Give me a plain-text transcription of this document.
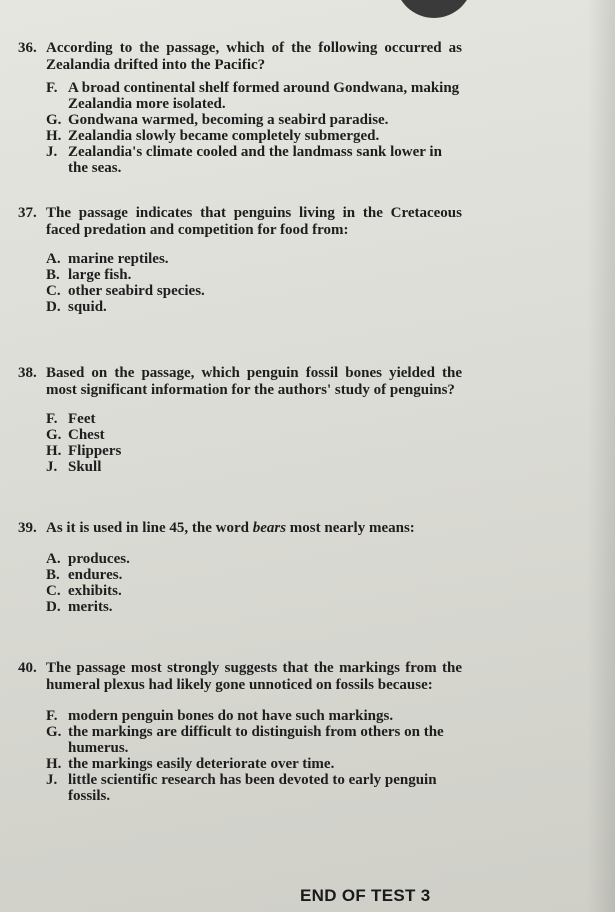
36. According to the passage, which of the following occurred as Zealandia drifted into the Pacific?
F. A broad continental shelf formed around Gondwana, making Zealandia more isolated.
G. Gondwana warmed, becoming a seabird paradise.
H. Zealandia slowly became completely submerged.
J. Zealandia's climate cooled and the landmass sank lower in the seas.
37. The passage indicates that penguins living in the Cretaceous faced predation and competition for food from:
A. marine reptiles.
B. large fish.
C. other seabird species.
D. squid.
38. Based on the passage, which penguin fossil bones yielded the most significant information for the authors' study of penguins?
F. Feet
G. Chest
H. Flippers
J. Skull
39. As it is used in line 45, the word bears most nearly means:
A. produces.
B. endures.
C. exhibits.
D. merits.
40. The passage most strongly suggests that the markings from the humeral plexus had likely gone unnoticed on fossils because:
F. modern penguin bones do not have such markings.
G. the markings are difficult to distinguish from others on the humerus.
H. the markings easily deteriorate over time.
J. little scientific research has been devoted to early penguin fossils.
END OF TEST 3
